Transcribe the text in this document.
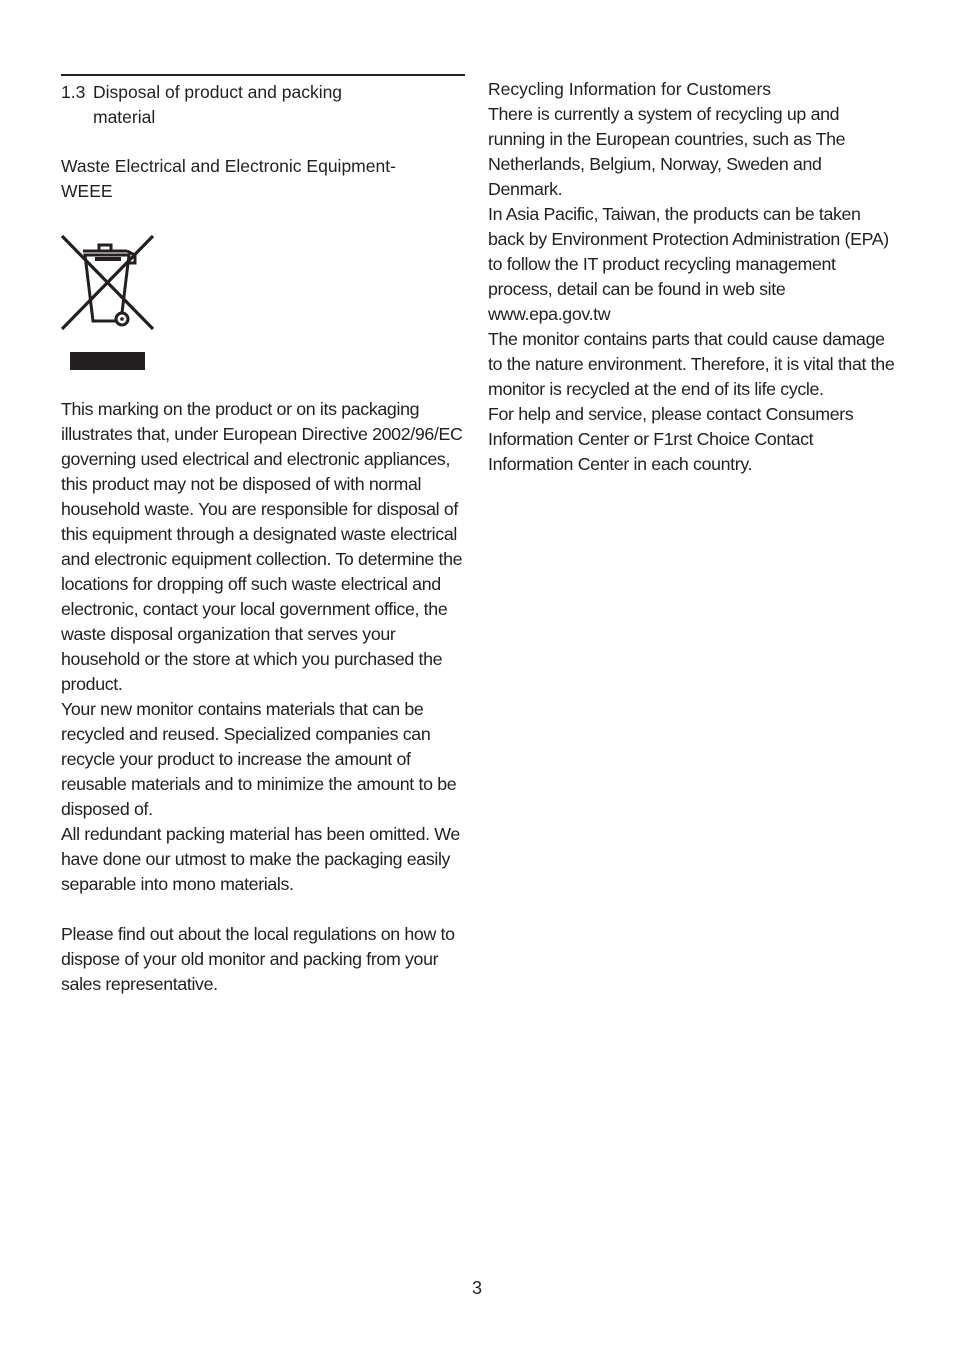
1.3 Disposal of product and packing material
Waste Electrical and Electronic Equipment-WEEE

This marking on the product or on its packaging illustrates that, under European Directive 2002/96/EC governing used electrical and electronic appliances, this product may not be disposed of with normal household waste. You are responsible for disposal of this equipment through a designated waste electrical and electronic equipment collection. To determine the locations for dropping off such waste electrical and electronic, contact your local government office, the waste disposal organization that serves your household or the store at which you purchased the product.

Your new monitor contains materials that can be recycled and reused. Specialized companies can recycle your product to increase the amount of reusable materials and to minimize the amount to be disposed of.

All redundant packing material has been omitted. We have done our utmost to make the packaging easily separable into mono materials.

Please find out about the local regulations on how to dispose of your old monitor and packing from your sales representative.

Recycling Information for Customers

There is currently a system of recycling up and running in the European countries, such as The Netherlands, Belgium, Norway, Sweden and Denmark.

In Asia Pacific, Taiwan, the products can be taken back by Environment Protection Administration (EPA) to follow the IT product recycling management process, detail can be found in web site www.epa.gov.tw

The monitor contains parts that could cause damage to the nature environment. Therefore, it is vital that the monitor is recycled at the end of its life cycle.

For help and service, please contact Consumers Information Center or F1rst Choice Contact Information Center in each country.

3
